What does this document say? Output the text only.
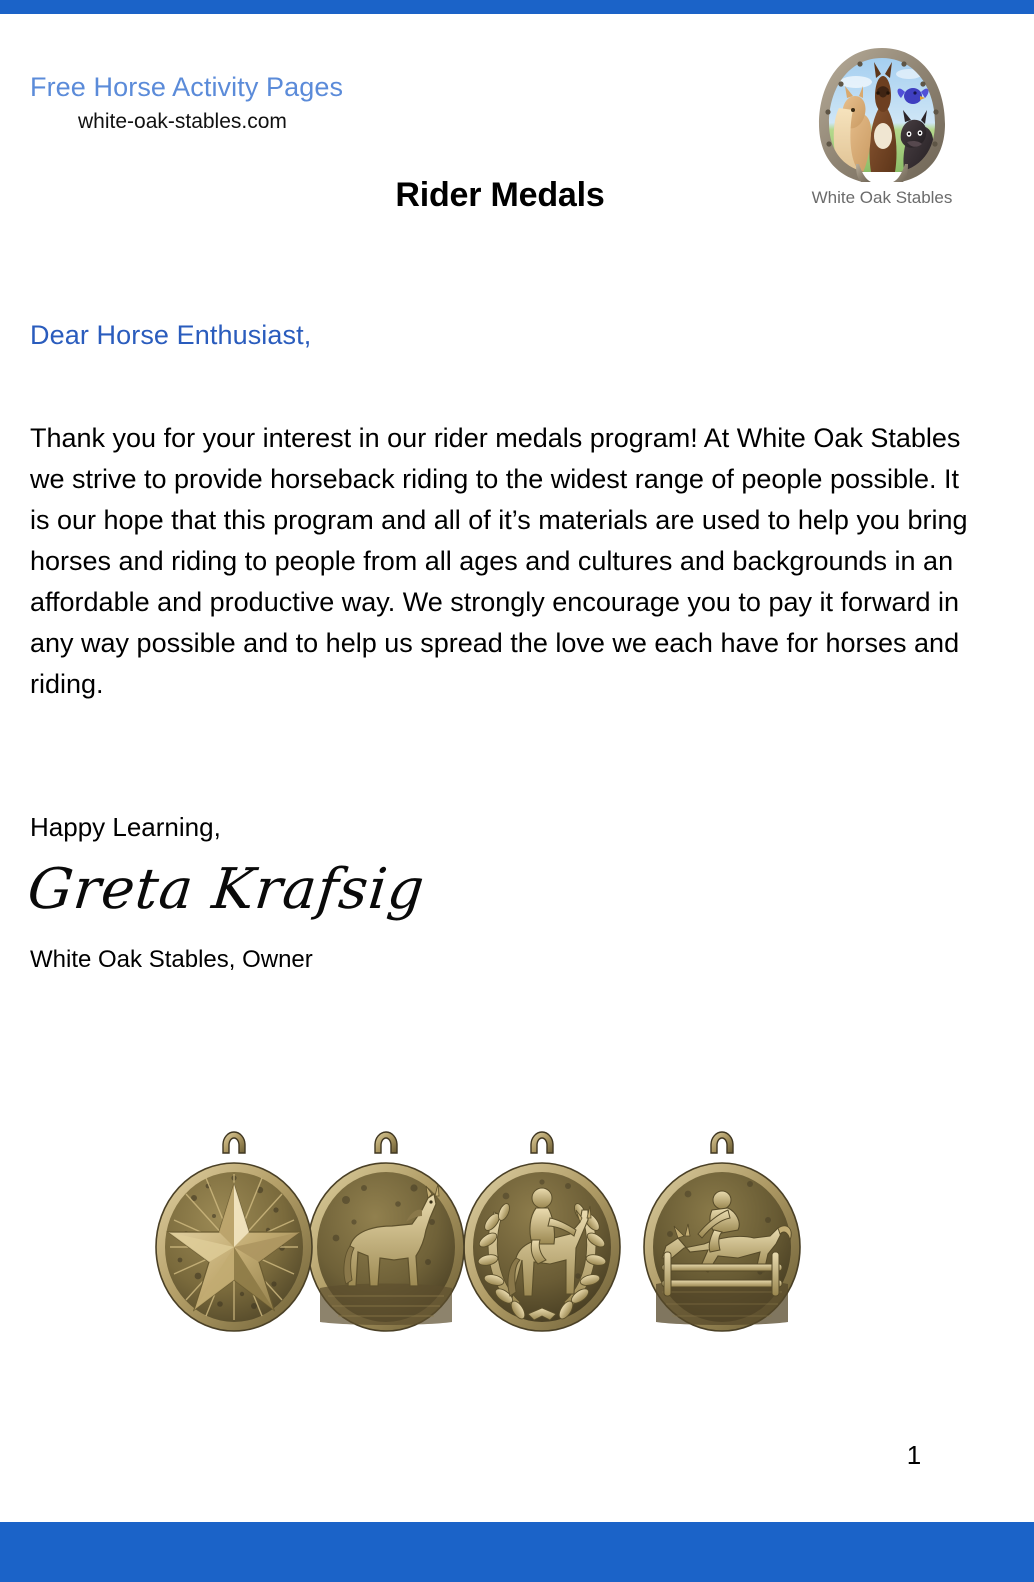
Free Horse Activity Pages
white-oak-stables.com
White Oak Stables
Rider Medals
Dear Horse Enthusiast,
Thank you for your interest in our rider medals program! At White Oak Stables we strive to provide horseback riding to the widest range of people possible. It is our hope that this program and all of it’s materials are used to help you bring horses and riding to people from all ages and cultures and backgrounds in an affordable and productive way. We strongly encourage you to pay it forward in any way possible and to help us spread the love we each have for horses and riding.
Happy Learning,
Greta Krafsig
White Oak Stables, Owner
1
